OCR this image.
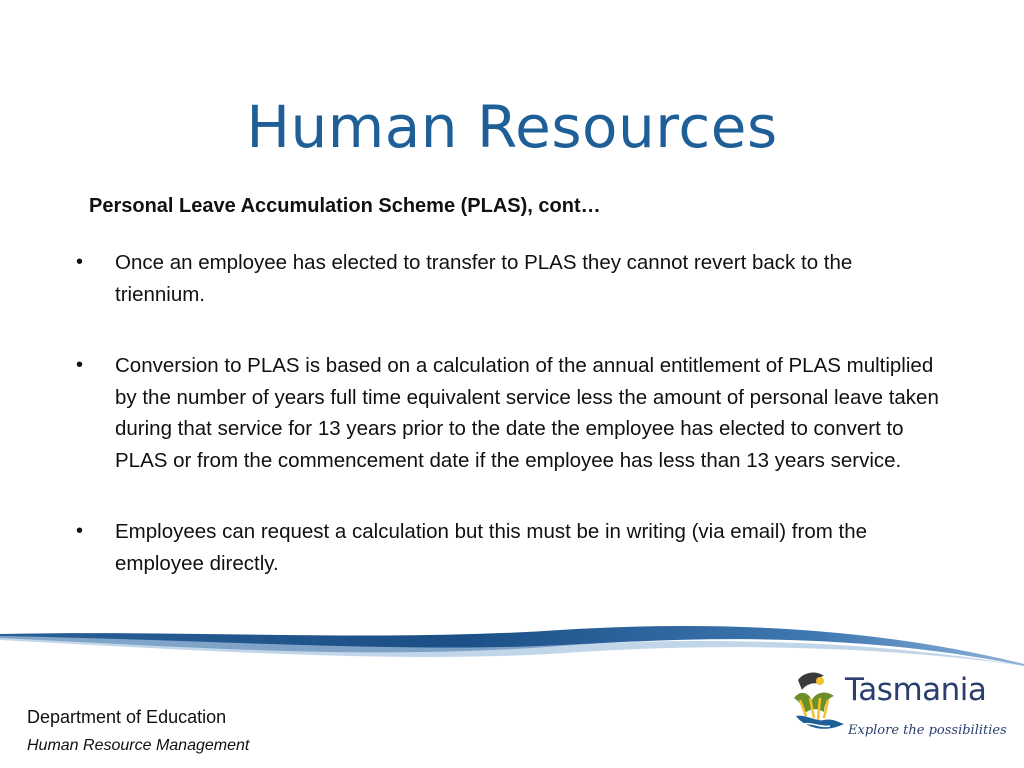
Human Resources

Personal Leave Accumulation Scheme (PLAS), cont…

• Once an employee has elected to transfer to PLAS they cannot revert back to the triennium.
• Conversion to PLAS is based on a calculation of the annual entitlement of PLAS multiplied by the number of years full time equivalent service less the amount of personal leave taken during that service for 13 years prior to the date the employee has elected to convert to PLAS or from the commencement date if the employee has less than 13 years service.
• Employees can request a calculation but this must be in writing (via email) from the employee directly.

Department of Education

Human Resource Management

Tasmania
Explore the possibilities
